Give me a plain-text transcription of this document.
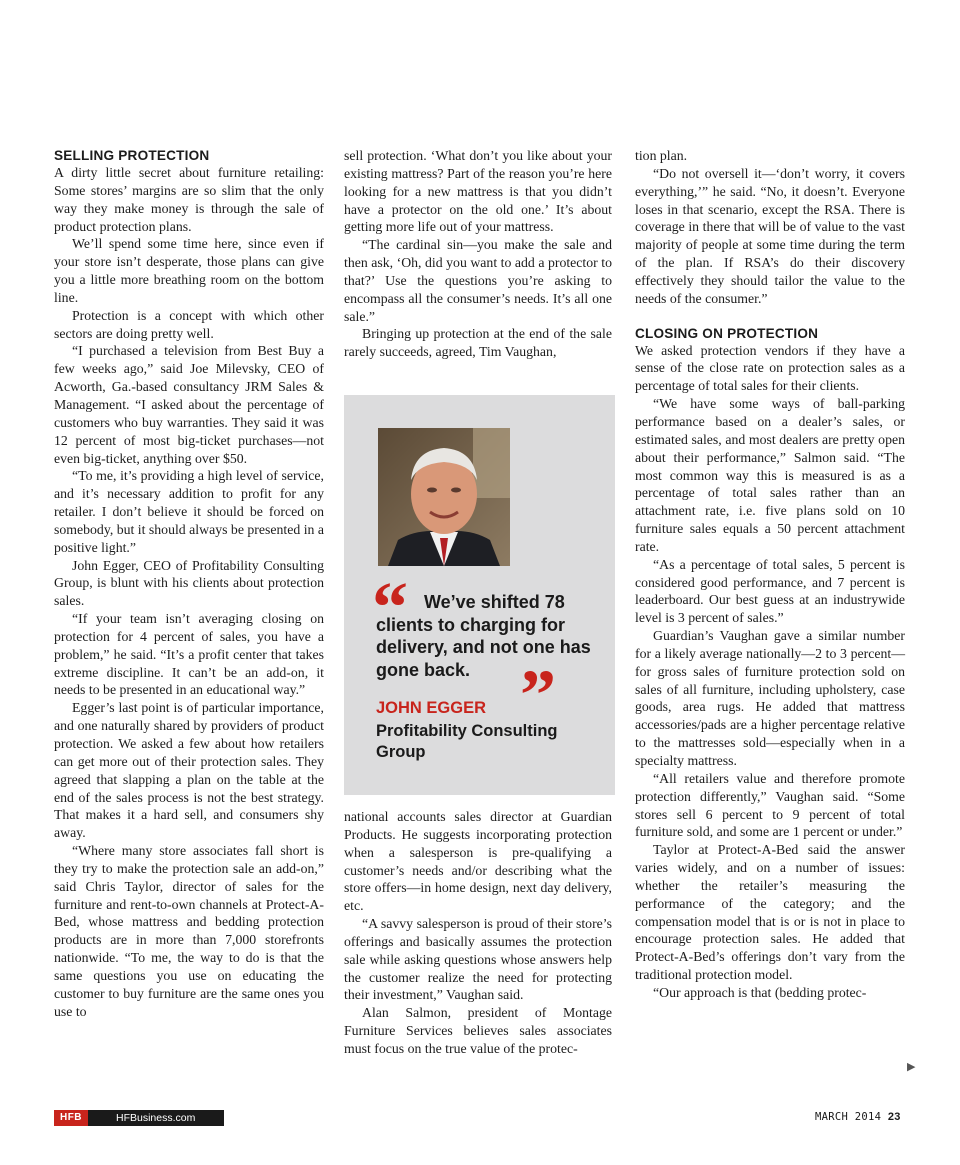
SELLING PROTECTION

A dirty little secret about furniture retailing: Some stores’ margins are so slim that the only way they make money is through the sale of product protection plans.

We’ll spend some time here, since even if your store isn’t desperate, those plans can give you a little more breathing room on the bottom line.

Protection is a concept with which other sectors are doing pretty well.

“I purchased a television from Best Buy a few weeks ago,” said Joe Milevsky, CEO of Acworth, Ga.-based consultancy JRM Sales & Management. “I asked about the percentage of customers who buy warranties. They said it was 12 percent of most big-ticket purchases—not even big-ticket, anything over $50.

“To me, it’s providing a high level of service, and it’s necessary addition to profit for any retailer. I don’t believe it should be forced on somebody, but it should always be presented in a positive light.”

John Egger, CEO of Profitability Consulting Group, is blunt with his clients about protection sales.

“If your team isn’t averaging closing on protection for 4 percent of sales, you have a problem,” he said. “It’s a profit center that takes extreme discipline. It can’t be an add-on, it needs to be presented in an educational way.”

Egger’s last point is of particular importance, and one naturally shared by providers of product protection. We asked a few about how retailers can get more out of their protection sales. They agreed that slapping a plan on the table at the end of the sales process is not the best strategy. That makes it a hard sell, and consumers shy away.

“Where many store associates fall short is they try to make the protection sale an add-on,” said Chris Taylor, director of sales for the furniture and rent-to-own channels at Protect-A-Bed, whose mattress and bedding protection products are in more than 7,000 storefronts nationwide. “To me, the way to do is that the same questions you use on educating the customer to buy furniture are the same ones you use to

sell protection. ‘What don’t you like about your existing mattress? Part of the reason you’re here looking for a new mattress is that you didn’t have a protector on the old one.’ It’s about getting more life out of your mattress.

“The cardinal sin—you make the sale and then ask, ‘Oh, did you want to add a protector to that?’ Use the questions you’re asking to encompass all the consumer’s needs. It’s all one sale.”

Bringing up protection at the end of the sale rarely succeeds, agreed, Tim Vaughan,

“ We’ve shifted 78 clients to charging for delivery, and not one has gone back. ”
JOHN EGGER
Profitability Consulting Group

national accounts sales director at Guardian Products. He suggests incorporating protection when a salesperson is pre-qualifying a customer’s needs and/or describing what the store offers—in home design, next day delivery, etc.

“A savvy salesperson is proud of their store’s offerings and basically assumes the protection sale while asking questions whose answers help the customer realize the need for protecting their investment,” Vaughan said.

Alan Salmon, president of Montage Furniture Services believes sales associates must focus on the true value of the protec-

tion plan.

“Do not oversell it—‘don’t worry, it covers everything,’” he said. “No, it doesn’t. Everyone loses in that scenario, except the RSA. There is coverage in there that will be of value to the vast majority of people at some time during the term of the plan. If RSA’s do their discovery effectively they should tailor the value to the needs of the consumer.”

CLOSING ON PROTECTION

We asked protection vendors if they have a sense of the close rate on protection sales as a percentage of total sales for their clients.

“We have some ways of ball-parking performance based on a dealer’s sales, or estimated sales, and most dealers are pretty open about their performance,” Salmon said. “The most common way this is measured is as a percentage of total sales rather than an attachment rate, i.e. five plans sold on 10 furniture sales equals a 50 percent attachment rate.

“As a percentage of total sales, 5 percent is considered good performance, and 7 percent is leaderboard. Our best guess at an industrywide level is 3 percent of sales.”

Guardian’s Vaughan gave a similar number for a likely average nationally—2 to 3 percent—for gross sales of furniture protection sold on sales of all furniture, including upholstery, case goods, area rugs. He added that mattress accessories/pads are a higher percentage relative to the mattresses sold—especially when in a specialty mattress.

“All retailers value and therefore promote protection differently,” Vaughan said. “Some stores sell 6 percent to 9 percent of total furniture sold, and some are 1 percent or under.”

Taylor at Protect-A-Bed said the answer varies widely, and on a number of issues: whether the retailer’s measuring the performance of the category; and the compensation model that is or is not in place to encourage protection sales. He added that Protect-A-Bed’s offerings don’t vary from the traditional protection model.

“Our approach is that (bedding protec-

▶
HFB	HFBusiness.com	MARCH 2014 23
